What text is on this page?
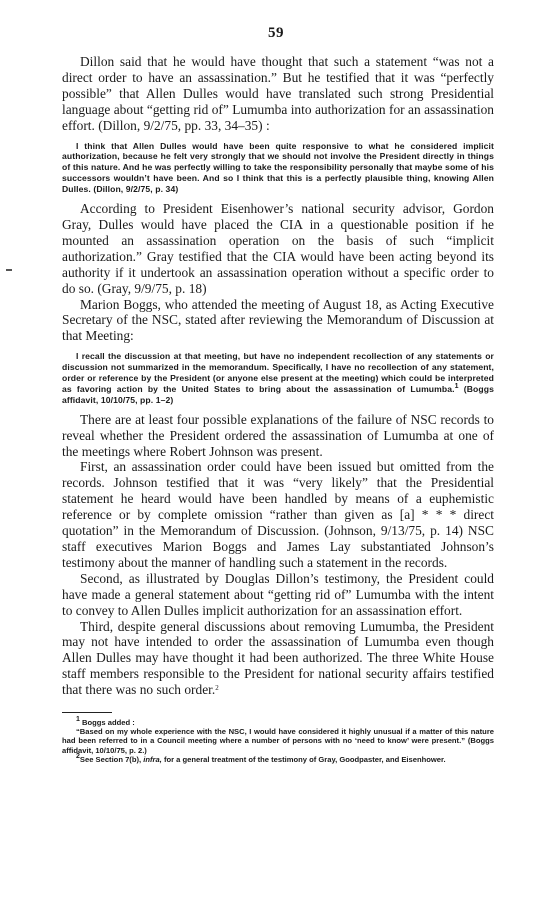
59

Dillon said that he would have thought that such a statement “was not a direct order to have an assassination.” But he testified that it was “perfectly possible” that Allen Dulles would have translated such strong Presidential language about “getting rid of” Lumumba into authorization for an assassination effort. (Dillon, 9/2/75, pp. 33, 34–35) :

I think that Allen Dulles would have been quite responsive to what he considered implicit authorization, because he felt very strongly that we should not involve the President directly in things of this nature. And he was perfectly willing to take the responsibility personally that maybe some of his successors wouldn’t have been. And so I think that this is a perfectly plausible thing, knowing Allen Dulles. (Dillon, 9/2/75, p. 34)

According to President Eisenhower’s national security advisor, Gordon Gray, Dulles would have placed the CIA in a questionable position if he mounted an assassination operation on the basis of such “implicit authorization.” Gray testified that the CIA would have been acting beyond its authority if it undertook an assassination operation without a specific order to do so. (Gray, 9/9/75, p. 18)

Marion Boggs, who attended the meeting of August 18, as Acting Executive Secretary of the NSC, stated after reviewing the Memorandum of Discussion at that Meeting:

I recall the discussion at that meeting, but have no independent recollection of any statements or discussion not summarized in the memorandum. Specifically, I have no recollection of any statement, order or reference by the President (or anyone else present at the meeting) which could be interpreted as favoring action by the United States to bring about the assassination of Lumumba.$^1$ (Boggs affidavit, 10/10/75, pp. 1–2)

There are at least four possible explanations of the failure of NSC records to reveal whether the President ordered the assassination of Lumumba at one of the meetings where Robert Johnson was present.

First, an assassination order could have been issued but omitted from the records. Johnson testified that it was “very likely” that the Presidential statement he heard would have been handled by means of a euphemistic reference or by complete omission “rather than given as [a] * * * direct quotation” in the Memorandum of Discussion. (Johnson, 9/13/75, p. 14) NSC staff executives Marion Boggs and James Lay substantiated Johnson’s testimony about the manner of handling such a statement in the records.

Second, as illustrated by Douglas Dillon’s testimony, the President could have made a general statement about “getting rid of” Lumumba with the intent to convey to Allen Dulles implicit authorization for an assassination effort.

Third, despite general discussions about removing Lumumba, the President may not have intended to order the assassination of Lumumba even though Allen Dulles may have thought it had been authorized. The three White House staff members responsible to the President for national security affairs testified that there was no such order.$^2$

$^1$ Boggs added :

“Based on my whole experience with the NSC, I would have considered it highly unusual if a matter of this nature had been referred to in a Council meeting where a number of persons with no ‘need to know’ were present.” (Boggs affidavit, 10/10/75, p. 2.)

$^2$See Section 7(b), infra, for a general treatment of the testimony of Gray, Goodpaster, and Eisenhower.
